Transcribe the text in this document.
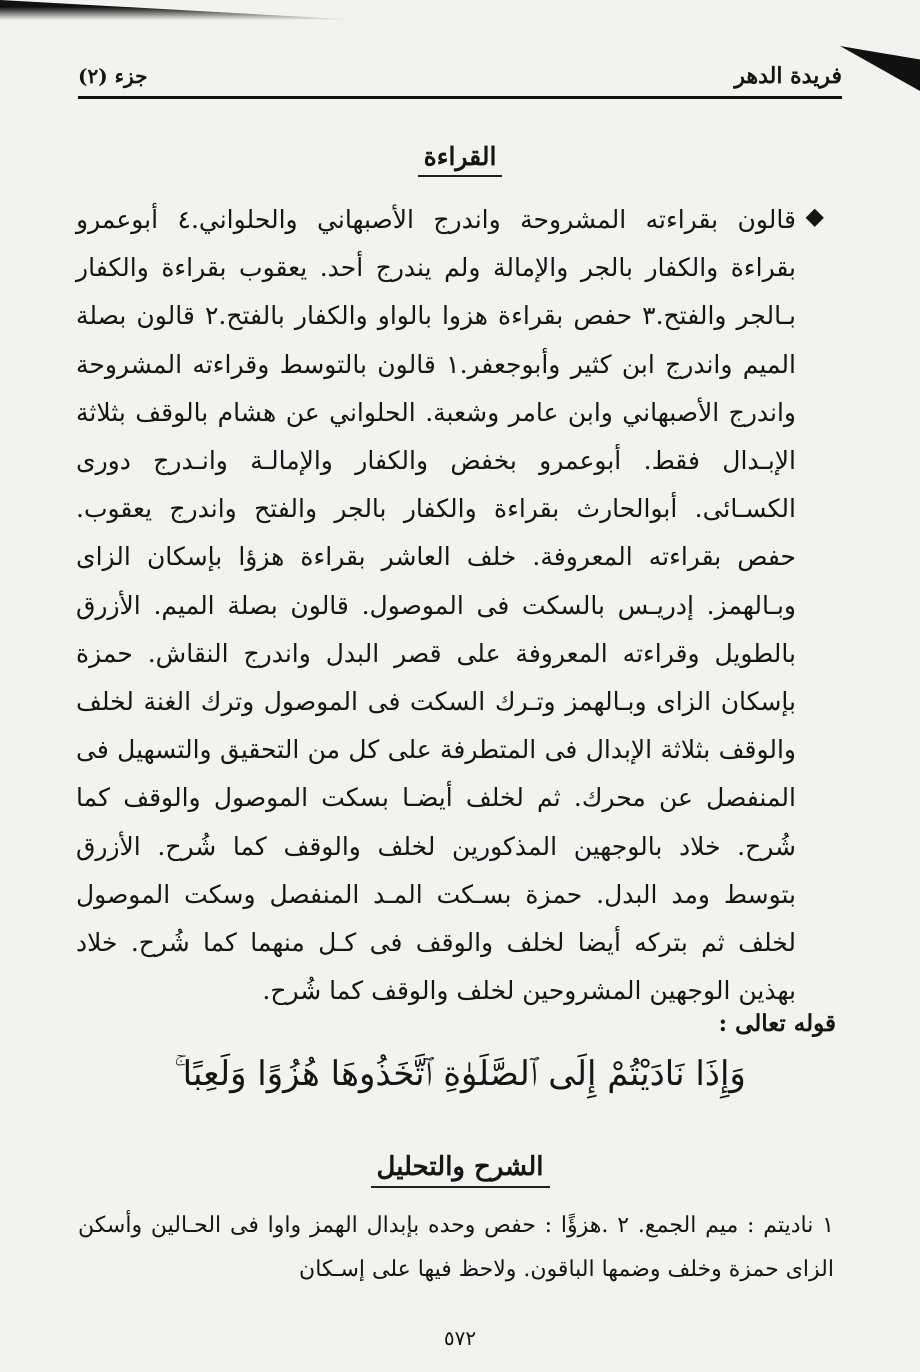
فريدة الدهر
جزء (٢)
القراءة
◆
قالون بقراءته المشروحة واندرج الأصبهاني والحلواني.٤ أبوعمرو بقراءة والكفار بالجر والإمالة ولم يندرج أحد. يعقوب بقراءة والكفار بـالجر والفتح.٣ حفص بقراءة هزوا بالواو والكفار بالفتح.٢ قالون بصلة الميم واندرج ابن كثير وأبوجعفر.١ قالون بالتوسط وقراءته المشروحة واندرج الأصبهاني وابن عامر وشعبة. الحلواني عن هشام بالوقف بثلاثة الإبـدال فقط. أبوعمرو بخفض والكفار والإمالـة وانـدرج دورى الكسـائى. أبوالحارث بقراءة والكفار بالجر والفتح واندرج يعقوب. حفص بقراءته المعروفة. خلف العاشر بقراءة هزؤا بإسكان الزاى وبـالهمز. إدريـس بالسكت فى الموصول. قالون بصلة الميم. الأزرق بالطويل وقراءته المعروفة على قصر البدل واندرج النقاش. حمزة بإسكان الزاى وبـالهمز وتـرك السكت فى الموصول وترك الغنة لخلف والوقف بثلاثة الإبدال فى المتطرفة على كل من التحقيق والتسهيل فى المنفصل عن محرك. ثم لخلف أيضـا بسكت الموصول والوقف كما شُرح. خلاد بالوجهين المذكورين لخلف والوقف كما شُرح. الأزرق بتوسط ومد البدل. حمزة بسـكت المـد المنفصل وسكت الموصول لخلف ثم بتركه أيضا لخلف والوقف فى كـل منهما كما شُرح. خلاد بهذين الوجهين المشروحين لخلف والوقف كما شُرح.
قوله تعالى :
وَإِذَا نَادَيْتُمْ إِلَى ٱلصَّلَوٰةِ ٱتَّخَذُوهَا هُزُوًا وَلَعِبًا ۚ
الشرح والتحليل
١ ناديتم : ميم الجمع. ٢ .هزؤًا : حفص وحده بإبدال الهمز واوا فى الحـالين وأسكن الزاى حمزة وخلف وضمها الباقون. ولاحظ فيها على إسـكان
٥٧٢
